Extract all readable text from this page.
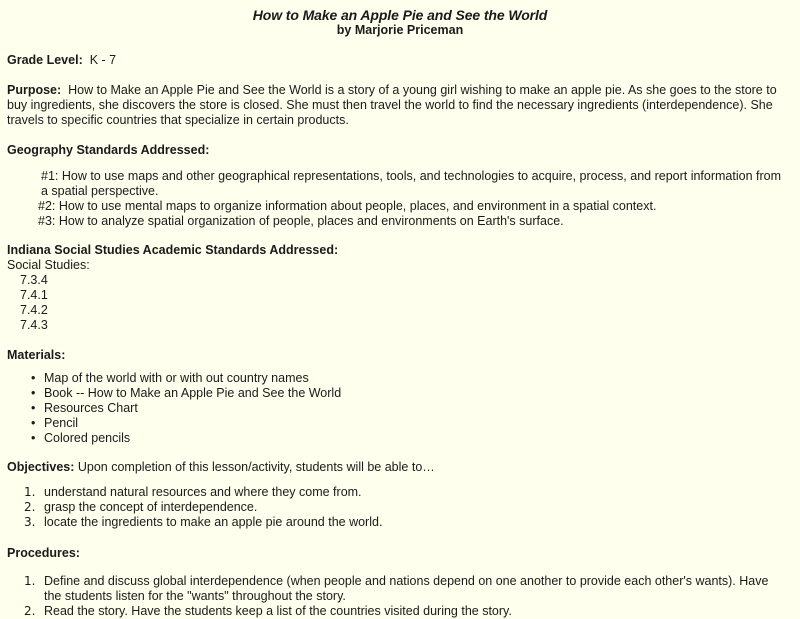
How to Make an Apple Pie and See the World
by Marjorie Priceman

Grade Level: K - 7

Purpose: How to Make an Apple Pie and See the World is a story of a young girl wishing to make an apple pie. As she goes to the store to buy ingredients, she discovers the store is closed. She must then travel the world to find the necessary ingredients (interdependence). She travels to specific countries that specialize in certain products.

Geography Standards Addressed:
#1: How to use maps and other geographical representations, tools, and technologies to acquire, process, and report information from a spatial perspective.
#2: How to use mental maps to organize information about people, places, and environment in a spatial context.
#3: How to analyze spatial organization of people, places and environments on Earth's surface.
Indiana Social Studies Academic Standards Addressed:
Social Studies:
7.3.4
7.4.1
7.4.2
7.4.3
Materials:
• Map of the world with or with out country names
• Book -- How to Make an Apple Pie and See the World
• Resources Chart
• Pencil
• Colored pencils

Objectives: Upon completion of this lesson/activity, students will be able to…

1. understand natural resources and where they come from.
2. grasp the concept of interdependence.
3. locate the ingredients to make an apple pie around the world.
Procedures:
1. Define and discuss global interdependence (when people and nations depend on one another to provide each other's wants). Have the students listen for the "wants" throughout the story.
2. Read the story. Have the students keep a list of the countries visited during the story.
